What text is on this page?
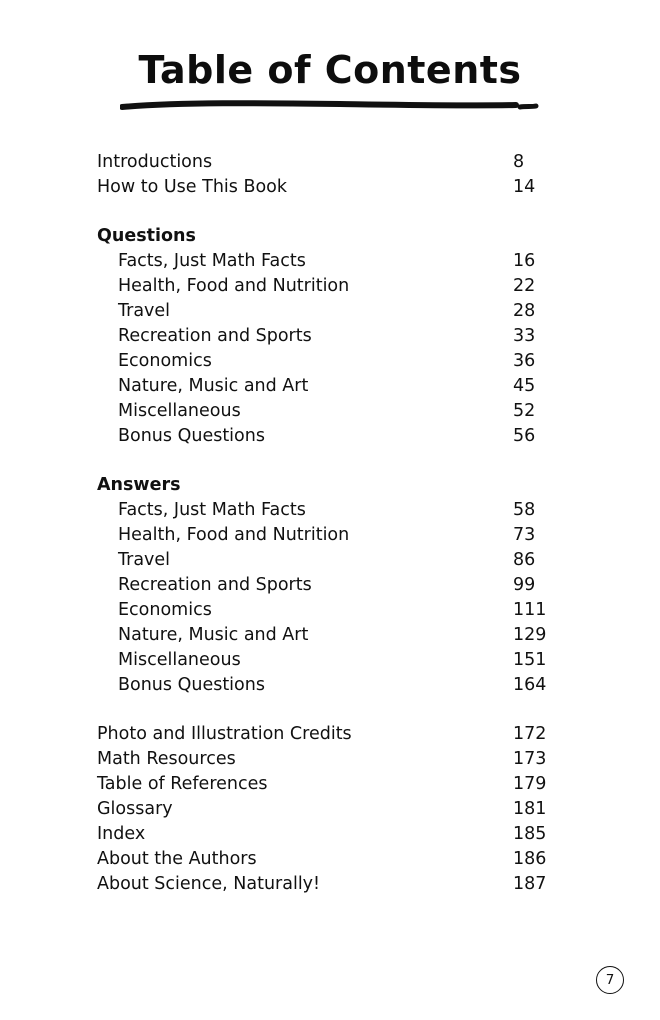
Table of Contents
Introductions	8
How to Use This Book	14
Questions
Facts, Just Math Facts	16
Health, Food and Nutrition	22
Travel	28
Recreation and Sports	33
Economics	36
Nature, Music and Art	45
Miscellaneous	52
Bonus Questions	56
Answers
Facts, Just Math Facts	58
Health, Food and Nutrition	73
Travel	86
Recreation and Sports	99
Economics	111
Nature, Music and Art	129
Miscellaneous	151
Bonus Questions	164
Photo and Illustration Credits	172
Math Resources	173
Table of References	179
Glossary	181
Index	185
About the Authors	186
About Science, Naturally!	187
7
